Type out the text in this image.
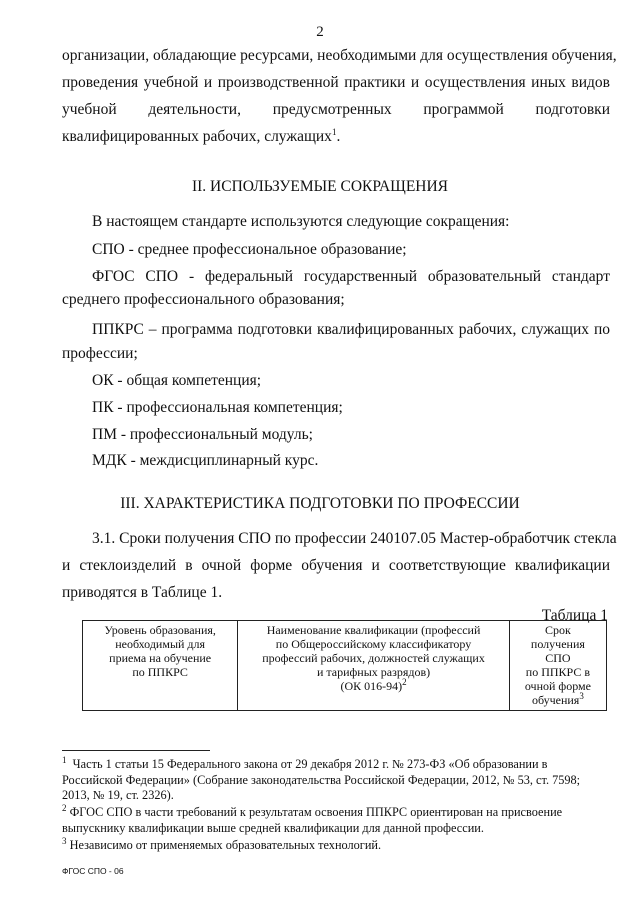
2
организации, обладающие ресурсами, необходимыми для осуществления обучения,
проведения учебной и производственной практики и осуществления иных видов
учебной деятельности, предусмотренных программой подготовки
квалифицированных рабочих, служащих$^1$.
II. ИСПОЛЬЗУЕМЫЕ СОКРАЩЕНИЯ
В настоящем стандарте используются следующие сокращения:
СПО - среднее профессиональное образование;
ФГОС СПО - федеральный государственный образовательный стандарт
среднего профессионального образования;
ППКРС – программа подготовки квалифицированных рабочих, служащих по
профессии;
ОК - общая компетенция;
ПК - профессиональная компетенция;
ПМ - профессиональный модуль;
МДК - междисциплинарный курс.
III. ХАРАКТЕРИСТИКА ПОДГОТОВКИ ПО ПРОФЕССИИ
3.1. Сроки получения СПО по профессии 240107.05 Мастер-обработчик стекла
и стеклоизделий в очной форме обучения и соответствующие квалификации
приводятся в Таблице 1.
Таблица 1
Уровень образования,
необходимый для
приема на обучение
по ППКРС

Наименование квалификации (профессий
по Общероссийскому классификатору
профессий рабочих, должностей служащих
и тарифных разрядов)
(ОК 016-94)$^2$

Срок
получения
СПО
по ППКРС в
очной форме
обучения$^3$
$^1$ Часть 1 статьи 15 Федерального закона от 29 декабря 2012 г. № 273-ФЗ «Об образовании в
Российской Федерации» (Собрание законодательства Российской Федерации, 2012, № 53, ст. 7598;
2013, № 19, ст. 2326).
$^2$ ФГОС СПО в части требований к результатам освоения ППКРС ориентирован на присвоение
выпускнику квалификации выше средней квалификации для данной профессии.
$^3$ Независимо от применяемых образовательных технологий.
ФГОС СПО - 06
